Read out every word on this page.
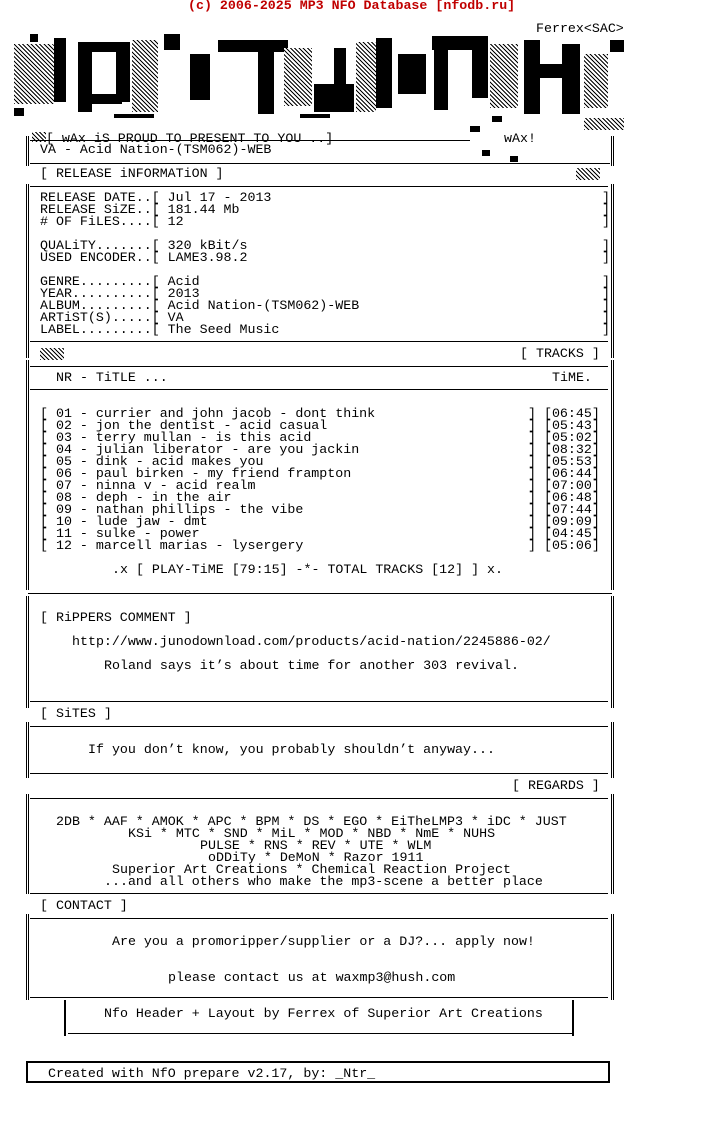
(c) 2006-2025 MP3 NFO Database [nfodb.ru]
Ferrex<SAC>

[ wAx iS PROUD TO PRESENT TO YOU ..]	wAx!
VA - Acid Nation-(TSM062)-WEB
[ RELEASE iNFORMATiON ]
RELEASE DATE..[ Jul 17 - 2013
RELEASE SiZE..[ 181.44 Mb
# OF FiLES....[ 12
QUALiTY.......[ 320 kBit/s
USED ENCODER..[ LAME3.98.2
GENRE.........[ Acid
YEAR..........[ 2013
ALBUM.........[ Acid Nation-(TSM062)-WEB
ARTiST(S).....[ VA
LABEL.........[ The Seed Music
]
]
]

]
]

]
]
]
]
]
[ TRACKS ]
NR - TiTLE ...	TiME.
[ 01 - currier and john jacob - dont think	] [06:45]
[ 02 - jon the dentist - acid casual	] [05:43]
[ 03 - terry mullan - is this acid	] [05:02]
[ 04 - julian liberator - are you jackin	] [08:32]
[ 05 - dink - acid makes you	] [05:53]
[ 06 - paul birken - my friend frampton	] [06:44]
[ 07 - ninna v - acid realm	] [07:00]
[ 08 - deph - in the air	] [06:48]
[ 09 - nathan phillips - the vibe	] [07:44]
[ 10 - lude jaw - dmt	] [09:09]
[ 11 - sulke - power	] [04:45]
[ 12 - marcell marias - lysergery	] [05:06]
.x [ PLAY-TiME [79:15] -*- TOTAL TRACKS [12] ] x.
[ RiPPERS COMMENT ]
http://www.junodownload.com/products/acid-nation/2245886-02/
Roland says it’s about time for another 303 revival.
[ SiTES ]
If you don’t know, you probably shouldn’t anyway...
[ REGARDS ]
2DB * AAF * AMOK * APC * BPM * DS * EGO * EiTheLMP3 * iDC * JUST
KSi * MTC * SND * MiL * MOD * NBD * NmE * NUHS
PULSE * RNS * REV * UTE * WLM
oDDiTy * DeMoN * Razor 1911
Superior Art Creations * Chemical Reaction Project
...and all others who make the mp3-scene a better place
[ CONTACT ]
Are you a promoripper/supplier or a DJ?... apply now!
please contact us at waxmp3@hush.com
Nfo Header + Layout by Ferrex of Superior Art Creations
Created with NfO prepare v2.17, by: _Ntr_
